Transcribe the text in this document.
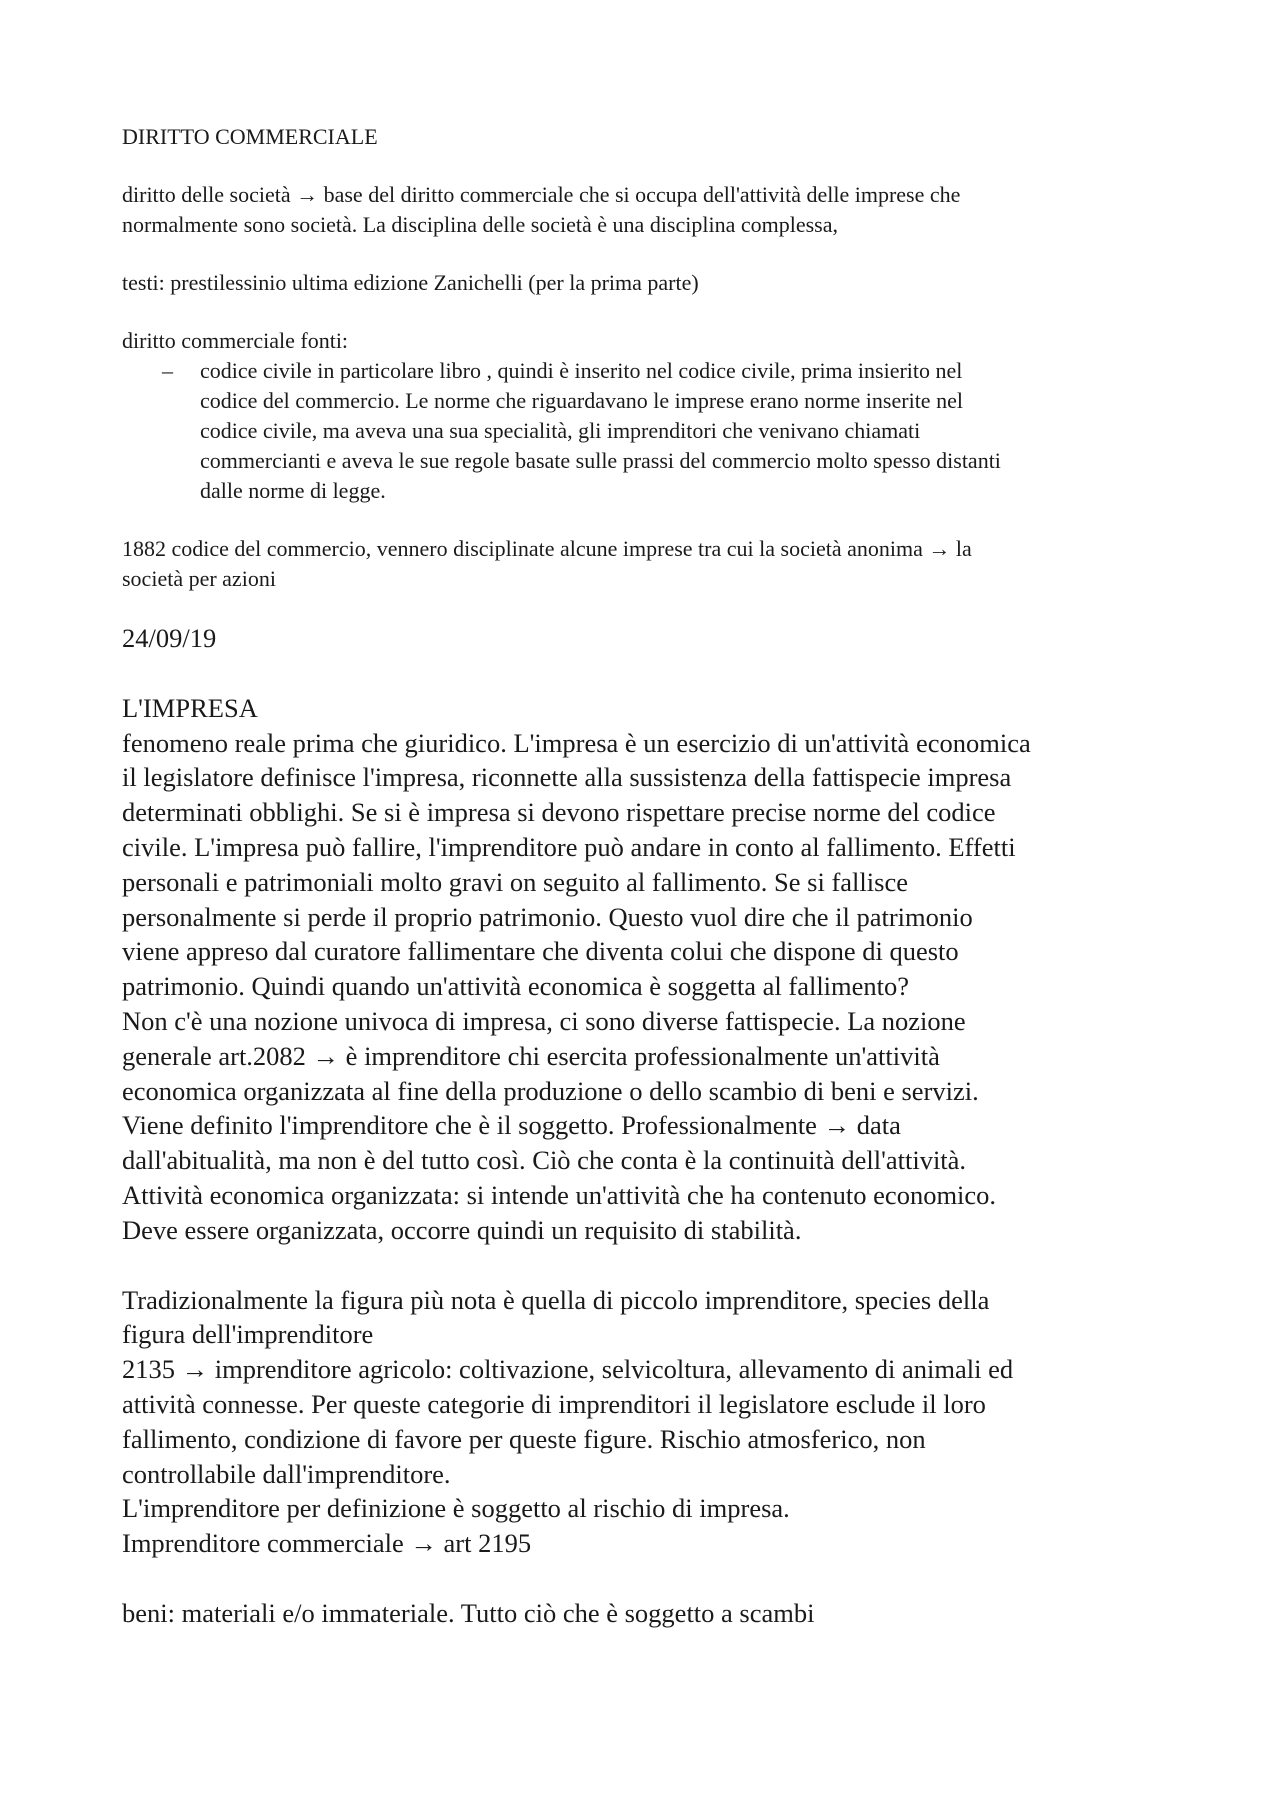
DIRITTO COMMERCIALE

diritto delle società → base del diritto commerciale che si occupa dell'attività delle imprese che
normalmente sono società. La disciplina delle società è una disciplina complessa,

testi: prestilessinio ultima edizione Zanichelli (per la prima parte)

diritto commerciale fonti:

– codice civile in particolare libro , quindi è inserito nel codice civile, prima insierito nel
codice del commercio. Le norme che riguardavano le imprese erano norme inserite nel
codice civile, ma aveva una sua specialità, gli imprenditori che venivano chiamati
commercianti e aveva le sue regole basate sulle prassi del commercio molto spesso distanti
dalle norme di legge.

1882 codice del commercio, vennero disciplinate alcune imprese tra cui la società anonima → la
società per azioni

24/09/19

L'IMPRESA

fenomeno reale prima che giuridico. L'impresa è un esercizio di un'attività economica
il legislatore definisce l'impresa, riconnette alla sussistenza della fattispecie impresa
determinati obblighi. Se si è impresa si devono rispettare precise norme del codice
civile. L'impresa può fallire, l'imprenditore può andare in conto al fallimento. Effetti
personali e patrimoniali molto gravi on seguito al fallimento. Se si fallisce
personalmente si perde il proprio patrimonio. Questo vuol dire che il patrimonio
viene appreso dal curatore fallimentare che diventa colui che dispone di questo
patrimonio. Quindi quando un'attività economica è soggetta al fallimento?
Non c'è una nozione univoca di impresa, ci sono diverse fattispecie. La nozione
generale art.2082 → è imprenditore chi esercita professionalmente un'attività
economica organizzata al fine della produzione o dello scambio di beni e servizi.
Viene definito l'imprenditore che è il soggetto. Professionalmente → data
dall'abitualità, ma non è del tutto così. Ciò che conta è la continuità dell'attività.
Attività economica organizzata: si intende un'attività che ha contenuto economico.
Deve essere organizzata, occorre quindi un requisito di stabilità.

Tradizionalmente la figura più nota è quella di piccolo imprenditore, species della
figura dell'imprenditore
2135 → imprenditore agricolo: coltivazione, selvicoltura, allevamento di animali ed
attività connesse. Per queste categorie di imprenditori il legislatore esclude il loro
fallimento, condizione di favore per queste figure. Rischio atmosferico, non
controllabile dall'imprenditore.
L'imprenditore per definizione è soggetto al rischio di impresa.
Imprenditore commerciale → art 2195

beni: materiali e/o immateriale. Tutto ciò che è soggetto a scambi
